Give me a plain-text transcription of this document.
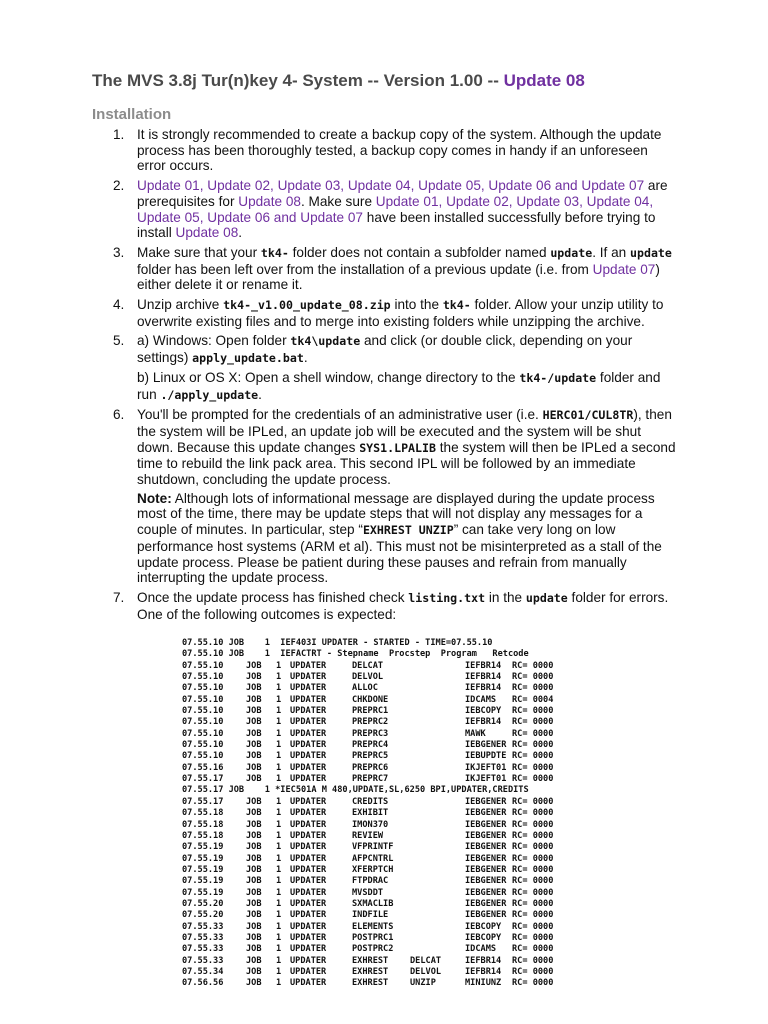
The MVS 3.8j Tur(n)key 4- System -- Version 1.00 -- Update 08
Installation
1. It is strongly recommended to create a backup copy of the system. Although the update process has been thoroughly tested, a backup copy comes in handy if an unforeseen error occurs.
2. Update 01, Update 02, Update 03, Update 04, Update 05, Update 06 and Update 07 are prerequisites for Update 08. Make sure Update 01, Update 02, Update 03, Update 04, Update 05, Update 06 and Update 07 have been installed successfully before trying to install Update 08.
3. Make sure that your tk4- folder does not contain a subfolder named update. If an update folder has been left over from the installation of a previous update (i.e. from Update 07) either delete it or rename it.
4. Unzip archive tk4-_v1.00_update_08.zip into the tk4- folder. Allow your unzip utility to overwrite existing files and to merge into existing folders while unzipping the archive.
5. a) Windows: Open folder tk4\update and click (or double click, depending on your settings) apply_update.bat.
b) Linux or OS X: Open a shell window, change directory to the tk4-/update folder and run ./apply_update.
6. You'll be prompted for the credentials of an administrative user (i.e. HERC01/CUL8TR), then the system will be IPLed, an update job will be executed and the system will be shut down. Because this update changes SYS1.LPALIB the system will then be IPLed a second time to rebuild the link pack area. This second IPL will be followed by an immediate shutdown, concluding the update process.
Note: Although lots of informational message are displayed during the update process most of the time, there may be update steps that will not display any messages for a couple of minutes. In particular, step “EXHREST UNZIP” can take very long on low performance host systems (ARM et al). This must not be misinterpreted as a stall of the update process. Please be patient during these pauses and refrain from manually interrupting the update process.
7. Once the update process has finished check listing.txt in the update folder for errors. One of the following outcomes is expected:
07.55.10 JOB    1  IEF403I UPDATER - STARTED - TIME=07.55.10
07.55.10 JOB    1  IEFACTRT - Stepname  Procstep  Program   Retcode
07.55.10	JOB 1 UPDATER	DELCAT	IEFBR14 RC= 0000
07.55.10	JOB 1 UPDATER	DELVOL	IEFBR14 RC= 0000
07.55.10	JOB 1 UPDATER	ALLOC	IEFBR14 RC= 0000
07.55.10	JOB 1 UPDATER	CHKDONE	IDCAMS RC= 0004
07.55.10	JOB 1 UPDATER	PREPRC1	IEBCOPY RC= 0000
07.55.10	JOB 1 UPDATER	PREPRC2	IEFBR14 RC= 0000
07.55.10	JOB 1 UPDATER	PREPRC3	MAWK	RC= 0000
07.55.10	JOB 1 UPDATER	PREPRC4	IEBGENER RC= 0000
07.55.10	JOB 1 UPDATER	PREPRC5	IEBUPDTE RC= 0000
07.55.16	JOB 1 UPDATER	PREPRC6	IKJEFT01 RC= 0000
07.55.17	JOB 1 UPDATER	PREPRC7	IKJEFT01 RC= 0000
07.55.17 JOB    1 *IEC501A M 480,UPDATE,SL,6250 BPI,UPDATER,CREDITS
07.55.17	JOB 1 UPDATER	CREDITS	IEBGENER RC= 0000
07.55.18	JOB 1 UPDATER	EXHIBIT	IEBGENER RC= 0000
07.55.18	JOB 1 UPDATER	IMON370	IEBGENER RC= 0000
07.55.18	JOB 1 UPDATER	REVIEW	IEBGENER RC= 0000
07.55.19	JOB 1 UPDATER	VFPRINTF	IEBGENER RC= 0000
07.55.19	JOB 1 UPDATER	AFPCNTRL	IEBGENER RC= 0000
07.55.19	JOB 1 UPDATER	XFERPTCH	IEBGENER RC= 0000
07.55.19	JOB 1 UPDATER	FTPDRAC	IEBGENER RC= 0000
07.55.19	JOB 1 UPDATER	MVSDDT	IEBGENER RC= 0000
07.55.20	JOB 1 UPDATER	SXMACLIB	IEBGENER RC= 0000
07.55.20	JOB 1 UPDATER	INDFILE	IEBGENER RC= 0000
07.55.33	JOB 1 UPDATER	ELEMENTS	IEBCOPY RC= 0000
07.55.33	JOB 1 UPDATER	POSTPRC1	IEBCOPY RC= 0000
07.55.33	JOB 1 UPDATER	POSTPRC2	IDCAMS RC= 0000
07.55.33	JOB 1 UPDATER	EXHREST	DELCAT	IEFBR14 RC= 0000
07.55.34	JOB 1 UPDATER	EXHREST	DELVOL	IEFBR14 RC= 0000
07.56.56	JOB 1 UPDATER	EXHREST	UNZIP	MINIUNZ RC= 0000
